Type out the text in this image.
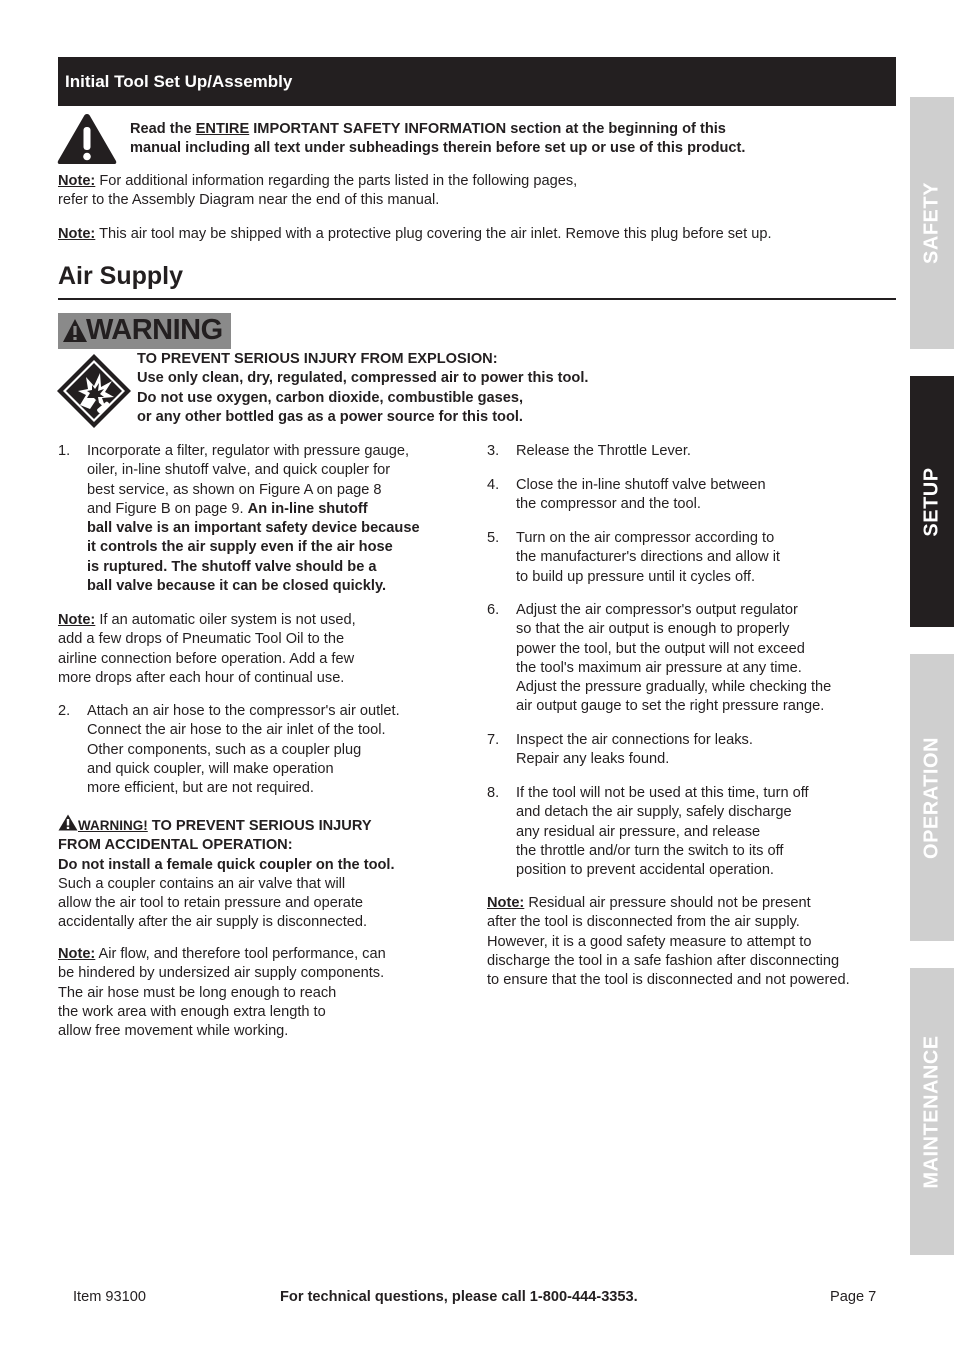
Initial Tool Set Up/Assembly
SAFETY
SETUP
OPERATION
MAINTENANCE
Read the ENTIRE IMPORTANT SAFETY INFORMATION section at the beginning of this
manual including all text under subheadings therein before set up or use of this product.
Note: For additional information regarding the parts listed in the following pages,
refer to the Assembly Diagram near the end of this manual.
Note: This air tool may be shipped with a protective plug covering the air inlet. Remove this plug before set up.
Air Supply
WARNING
TO PREVENT SERIOUS INJURY FROM EXPLOSION:
Use only clean, dry, regulated, compressed air to power this tool.
Do not use oxygen, carbon dioxide, combustible gases,
or any other bottled gas as a power source for this tool.
1. Incorporate a filter, regulator with pressure gauge,
oiler, in-line shutoff valve, and quick coupler for
best service, as shown on Figure A on page 8
and Figure B on page 9. An in-line shutoff
ball valve is an important safety device because
it controls the air supply even if the air hose
is ruptured. The shutoff valve should be a
ball valve because it can be closed quickly.
Note: If an automatic oiler system is not used,
add a few drops of Pneumatic Tool Oil to the
airline connection before operation. Add a few
more drops after each hour of continual use.
2. Attach an air hose to the compressor's air outlet.
Connect the air hose to the air inlet of the tool.
Other components, such as a coupler plug
and quick coupler, will make operation
more efficient, but are not required.
WARNING! TO PREVENT SERIOUS INJURY
FROM ACCIDENTAL OPERATION:
Do not install a female quick coupler on the tool.
Such a coupler contains an air valve that will
allow the air tool to retain pressure and operate
accidentally after the air supply is disconnected.
Note: Air flow, and therefore tool performance, can
be hindered by undersized air supply components.
The air hose must be long enough to reach
the work area with enough extra length to
allow free movement while working.
3. Release the Throttle Lever.
4. Close the in-line shutoff valve between
the compressor and the tool.
5. Turn on the air compressor according to
the manufacturer's directions and allow it
to build up pressure until it cycles off.
6. Adjust the air compressor's output regulator
so that the air output is enough to properly
power the tool, but the output will not exceed
the tool's maximum air pressure at any time.
Adjust the pressure gradually, while checking the
air output gauge to set the right pressure range.
7. Inspect the air connections for leaks.
Repair any leaks found.
8. If the tool will not be used at this time, turn off
and detach the air supply, safely discharge
any residual air pressure, and release
the throttle and/or turn the switch to its off
position to prevent accidental operation.
Note: Residual air pressure should not be present
after the tool is disconnected from the air supply.
However, it is a good safety measure to attempt to
discharge the tool in a safe fashion after disconnecting
to ensure that the tool is disconnected and not powered.
Item 93100	For technical questions, please call 1-800-444-3353.	Page 7
